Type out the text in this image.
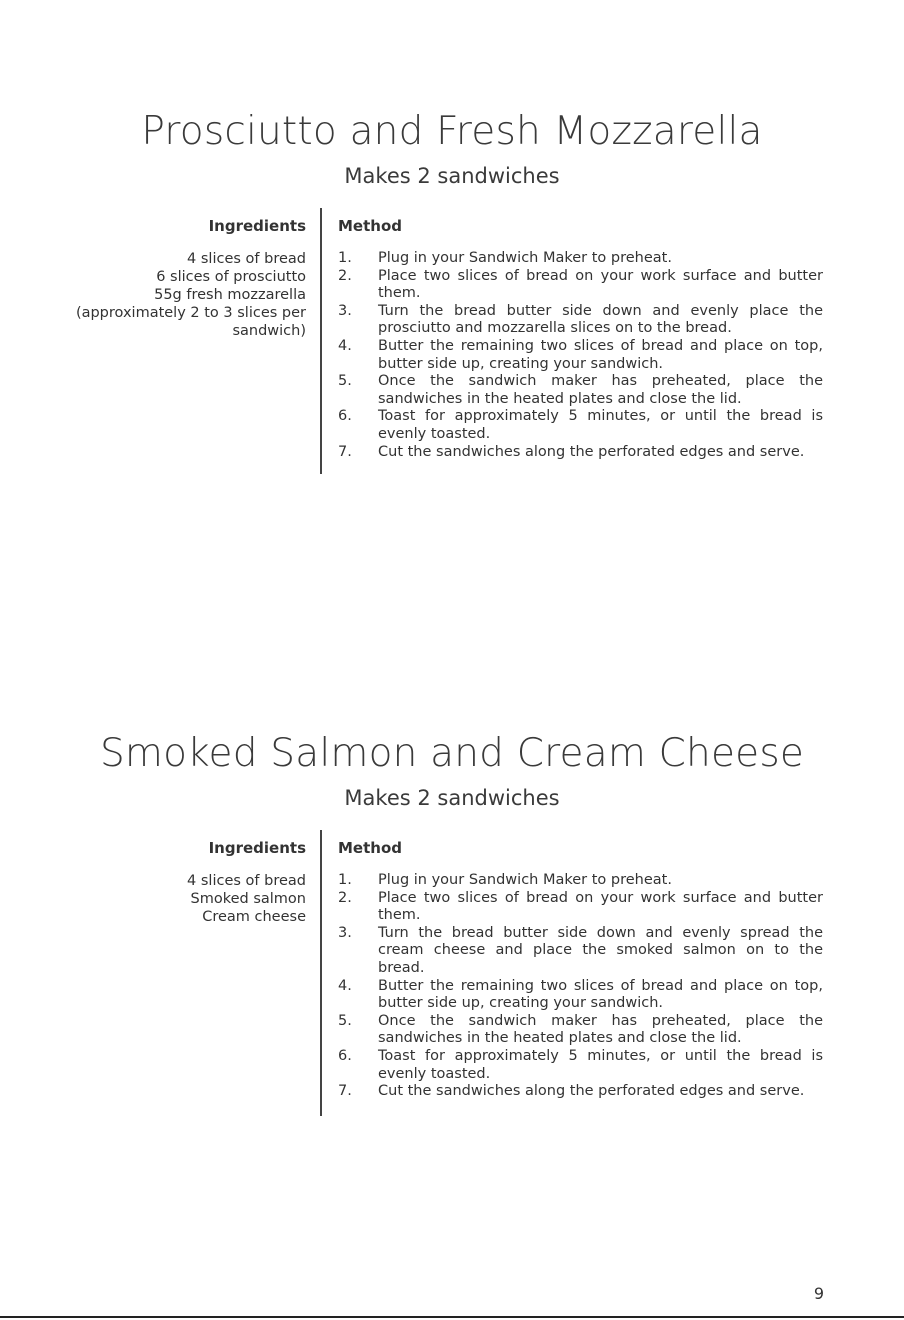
Prosciutto and Fresh Mozzarella
Makes 2 sandwiches
Ingredients
4 slices of bread
6 slices of prosciutto
55g fresh mozzarella
(approximately 2 to 3 slices per
sandwich)
Method
1. Plug in your Sandwich Maker to preheat.
2. Place two slices of bread on your work surface and butter them.
3. Turn the bread butter side down and evenly place the prosciutto and mozzarella slices on to the bread.
4. Butter the remaining two slices of bread and place on top, butter side up, creating your sandwich.
5. Once the sandwich maker has preheated, place the sandwiches in the heated plates and close the lid.
6. Toast for approximately 5 minutes, or until the bread is evenly toasted.
7. Cut the sandwiches along the perforated edges and serve.
Smoked Salmon and Cream Cheese
Makes 2 sandwiches
Ingredients
4 slices of bread
Smoked salmon
Cream cheese
Method
1. Plug in your Sandwich Maker to preheat.
2. Place two slices of bread on your work surface and butter them.
3. Turn the bread butter side down and evenly spread the cream cheese and place the smoked salmon on to the bread.
4. Butter the remaining two slices of bread and place on top, butter side up, creating your sandwich.
5. Once the sandwich maker has preheated, place the sandwiches in the heated plates and close the lid.
6. Toast for approximately 5 minutes, or until the bread is evenly toasted.
7. Cut the sandwiches along the perforated edges and serve.
9
